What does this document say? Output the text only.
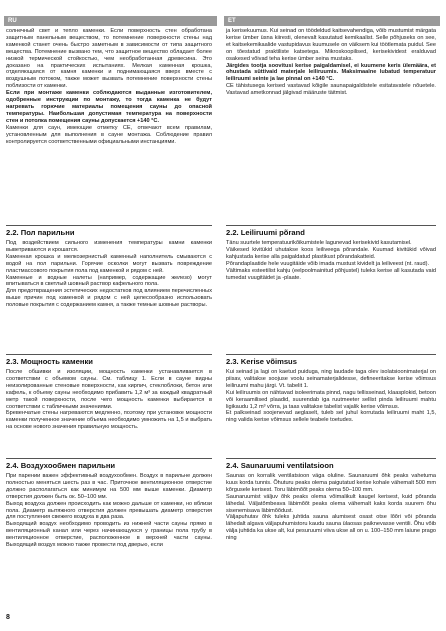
RU	ET

солнечный свет и тепло каменки. Если поверхность стен обработана защитным панельным веществом, то потемнение поверхности стены над каменкой станет очень быстро заметным в зависимости от типа защитного вещества. Потемнение вызвано тем, что защитное вещество обладает более низкой термической стойкостью, чем необработанная древесина. Это доказано на практических испытаниях. Мелкая каменная крошка, отделяющаяся от камня каменки и поднимающаяся вверх вместе с воздушным потоком, также может вызвать потемнение поверхности стены поблизости от каменки.

Если при монтаже каменки соблюдаются выданные изготовителем, одобренные инструкции по монтажу, то тогда каменка не будут нагревать горючие материалы помещения сауны до опасной температуры. Наибольшая допустимая температура на поверхности стен и потолка помещения сауны допускается +140 °C.

Каменки для саун, имеющие отметку CE, отвечают всем правилам, установленным для выполнения в сауне монтажа. Соблюдение правил контролируется соответственными официальными инстанциями.

2.2. Пол парильни

Под воздействием сильного изменения температуры камни каменки выветриваются и крошатся.

Каменная крошка и мелкозернистый каменный наполнитель смываются с водой на пол парильни. Горячие осколки могут вызвать повреждение пластмассового покрытия пола под каменкой и рядом с ней.

Каменные и водные налеты (например, содержащие железо) могут впитываться в светлый шовный раствор кафельного пола.

Для предотвращения эстетических недостатков под влиянием перечисленных выше причин под каменкой и рядом с ней целесообразно использовать половые покрытия с содержанием камня, а также темные шовные растворы.

2.3. Мощность каменки

После обшивки и изоляции, мощность каменки устанавливается в соответствии с объемом сауны. См. таблицу 1. Если в сауне видны неизолированные стеновые поверхности, как кирпич, стеклоблоки, бетон или кафель, к объему сауны необходимо прибавить 1,2 м³ за каждый квадратный метр такой поверхности, после чего мощность каменки выбирается в соответствии с табличными значениями.

Бревенчатые стены нагреваются медленно, поэтому при установке мощности каменки полученное значение объема необходимо умножить на 1,5 и выбрать на основе нового значения правильную мощность.

2.4. Воздухообмен парильни

При парении важен эффективный воздухообмен. Воздух в парильне должен полностью меняться шесть раз в час. Приточное вентиляционное отверстие должно располагаться как минимум на 500 мм выше каменки. Диаметр отверстия должен быть ок. 50–100 мм.

Выход воздуха должен происходить как можно дальше от каменки, но вблизи пола. Диаметр вытяжного отверстия должен превышать диаметр отверстия для поступления свежего воздуха в два раза.

Выходящий воздух необходимо проводить из нижней части сауны прямо в вентиляционный канал или через начинающуюся у границы пола трубу в вентиляционное отверстие, расположенное в верхней части сауны. Выходящий воздух можно также провести под дверью, если

ja kerisekuumus. Kui seinad on töödeldud kaitsevahendiga, võib mustumist märgata kerise ümber üsna kiiresti, olenevalt kasutatud kemikaalist. Selle põhjuseks on see, et kaitsekemikaalide vastupidavus kuumusele on väiksem kui töötlemata puidul. See on tõestatud praktiliste katsetega. Mikroskoopilised, kerisekividest eralduvad osakesed võivad teha kerise ümber seina mustaks.

Järgides tootja soovitusi kerise paigaldamisel, ei kuumene keris ülemäära, et ohustada süttivaid materjale leiliruumis. Maksimaalne lubatud temperatuur leiliruumi seinte ja lae pinnal on +140 °C.

CE tähistusega kerised vastavad kõigile saunapaigaldistele esitatavatele nõuetele. Vastavad ametkonnad jälgivad määruste täitmist.

2.2. Leiliruumi põrand

Tänu suurtele temperatuurikõikumistele lagunevad kerisekivid kasutamisel.

Väikesed kivitükid uhutakse koos leiliveega põrandale. Kuumad kivitükid võivad kahjustada kerise alla paigaldatud plastikust põrandakatteid.

Põrandaplaatide hele vuugitäide võib imada mustust kividelt ja leiliveest (nt. raud).

Vältimaks esteetilist kahju (eelpoolmainitud põhjustel) tuleks kerise all kasutada vaid tumedat vuugitäidet ja -plaate.

2.3. Kerise võimsus

Kui seinad ja lagi on kaetud puiduga, ning laudade taga olev isolatsioonimaterjal on piisav, valitakse soojuse voolu seinamaterjalidesse, defineeritakse kerise võimsus leiliruumi mahu järgi. Vt. tabelit 1.

Kui leiliruumis on nähtavad isoleerimata pinnd, nagu tellisseinad, klaasplokid, betoon või keraamilised plaadid, suurendab iga ruutmeeter sellist pinda leiliruumi mahtu ligikaudu 1,2 m³ võrra, ja taas valitakse tabelist vajalik kerise võimsus.

Et palkseinad soojenevad aeglaselt, tuleb sel juhul korrutada leiliruumi maht 1,5, ning valida kerise võimsus sellele teabele toetudes.

2.4. Saunaruumi ventilatsioon

Saunas on korralik ventilatsioon väga oluline. Saunaruumi õhk peaks vahetuma kuus korda tunnis. Õhuturu peaks olema paigutatud kerise kohale vähemalt 500 mm kõrgusele kerisest. Toru läbimõõt peaks olema 50–100 mm.

Saunaruumist väljuv õhk peaks olema võimalikult kaugel kerisest, kuid põranda lähedal. Väljatõmbeava läbimõõt peaks olema vähemalt kaks korda suurem õhu sisenemisava läbimõõdust.

Väljapuhutav õhk tuleks juhtida sauna alumisest osast otse lõõri või põranda lähedalt algava väljapuhumistoru kaudu sauna ülaosas paiknevasse ventili. Õhu võib välja juhtida ka ukse alt, kui pesuruumi viiva ukse all on u. 100–150 mm laiune prago ning

8
